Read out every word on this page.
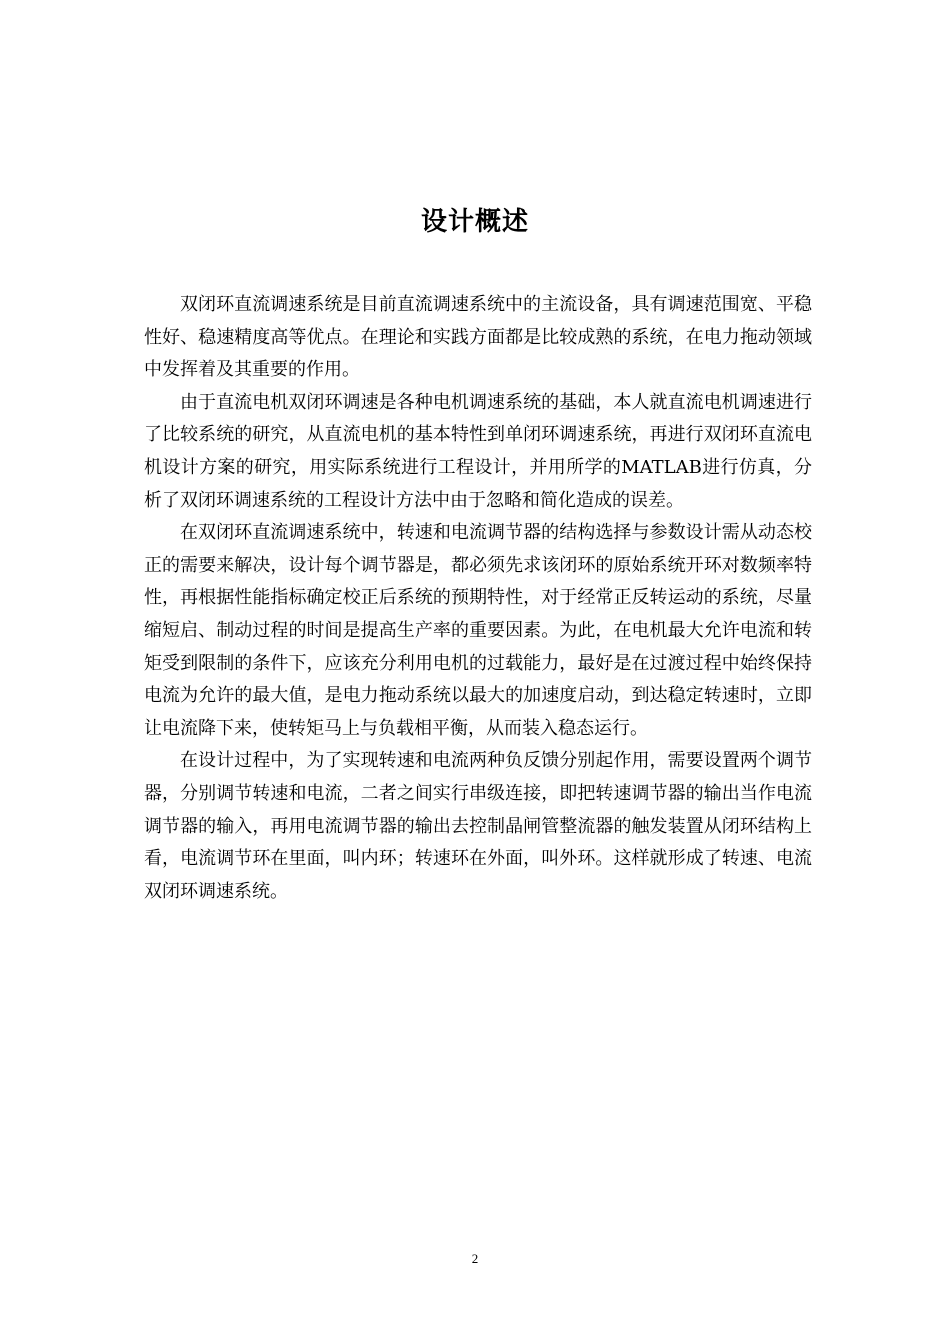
设计概述

双闭环直流调速系统是目前直流调速系统中的主流设备，具有调速范围宽、平稳性好、稳速精度高等优点。在理论和实践方面都是比较成熟的系统，在电力拖动领域中发挥着及其重要的作用。

由于直流电机双闭环调速是各种电机调速系统的基础，本人就直流电机调速进行了比较系统的研究，从直流电机的基本特性到单闭环调速系统，再进行双闭环直流电机设计方案的研究，用实际系统进行工程设计，并用所学的MATLAB进行仿真，分析了双闭环调速系统的工程设计方法中由于忽略和简化造成的误差。

在双闭环直流调速系统中，转速和电流调节器的结构选择与参数设计需从动态校正的需要来解决，设计每个调节器是，都必须先求该闭环的原始系统开环对数频率特性，再根据性能指标确定校正后系统的预期特性，对于经常正反转运动的系统，尽量缩短启、制动过程的时间是提高生产率的重要因素。为此，在电机最大允许电流和转矩受到限制的条件下，应该充分利用电机的过载能力，最好是在过渡过程中始终保持电流为允许的最大值，是电力拖动系统以最大的加速度启动，到达稳定转速时，立即让电流降下来，使转矩马上与负载相平衡，从而装入稳态运行。

在设计过程中，为了实现转速和电流两种负反馈分别起作用，需要设置两个调节器，分别调节转速和电流，二者之间实行串级连接，即把转速调节器的输出当作电流调节器的输入，再用电流调节器的输出去控制晶闸管整流器的触发装置从闭环结构上看，电流调节环在里面，叫内环；转速环在外面，叫外环。这样就形成了转速、电流双闭环调速系统。

2
